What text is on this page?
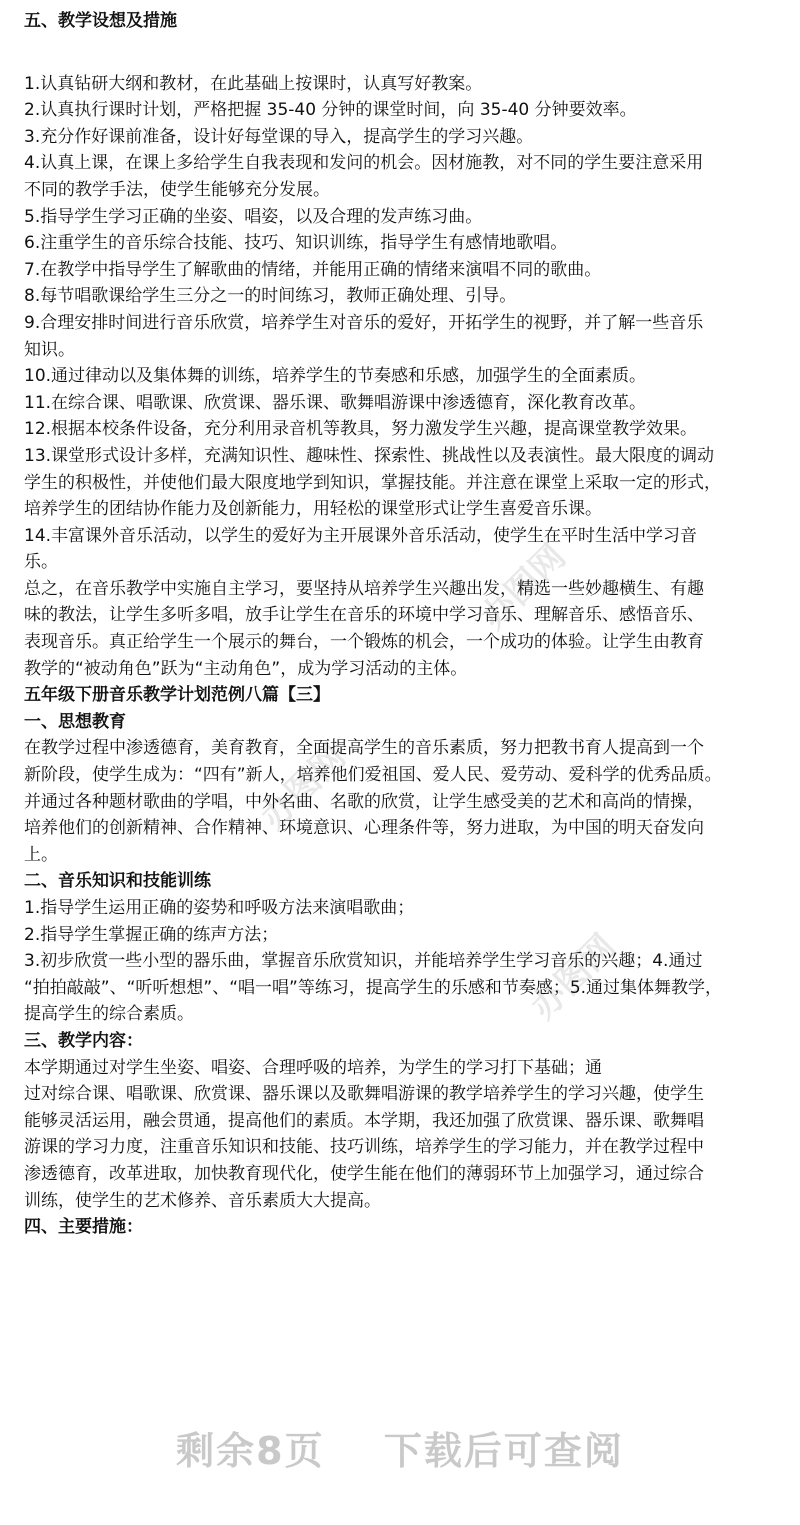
办图网
办图网
办图网
五、教学设想及措施
1.认真钻研大纲和教材，在此基础上按课时，认真写好教案。
2.认真执行课时计划，严格把握 35-40 分钟的课堂时间，向 35-40 分钟要效率。
3.充分作好课前准备，设计好每堂课的导入，提高学生的学习兴趣。
4.认真上课，在课上多给学生自我表现和发问的机会。因材施教，对不同的学生要注意采用
不同的教学手法，使学生能够充分发展。
5.指导学生学习正确的坐姿、唱姿，以及合理的发声练习曲。
6.注重学生的音乐综合技能、技巧、知识训练，指导学生有感情地歌唱。
7.在教学中指导学生了解歌曲的情绪，并能用正确的情绪来演唱不同的歌曲。
8.每节唱歌课给学生三分之一的时间练习，教师正确处理、引导。
9.合理安排时间进行音乐欣赏，培养学生对音乐的爱好，开拓学生的视野，并了解一些音乐
知识。
10.通过律动以及集体舞的训练，培养学生的节奏感和乐感，加强学生的全面素质。
11.在综合课、唱歌课、欣赏课、器乐课、歌舞唱游课中渗透德育，深化教育改革。
12.根据本校条件设备，充分利用录音机等教具，努力激发学生兴趣，提高课堂教学效果。
13.课堂形式设计多样，充满知识性、趣味性、探索性、挑战性以及表演性。最大限度的调动
学生的积极性，并使他们最大限度地学到知识，掌握技能。并注意在课堂上采取一定的形式，
培养学生的团结协作能力及创新能力，用轻松的课堂形式让学生喜爱音乐课。
14.丰富课外音乐活动，以学生的爱好为主开展课外音乐活动，使学生在平时生活中学习音
乐。
总之，在音乐教学中实施自主学习，要坚持从培养学生兴趣出发，精选一些妙趣横生、有趣
味的教法，让学生多听多唱，放手让学生在音乐的环境中学习音乐、理解音乐、感悟音乐、
表现音乐。真正给学生一个展示的舞台，一个锻炼的机会，一个成功的体验。让学生由教育
教学的“被动角色”跃为“主动角色”，成为学习活动的主体。
五年级下册音乐教学计划范例八篇【三】
一、思想教育
在教学过程中渗透德育，美育教育，全面提高学生的音乐素质，努力把教书育人提高到一个
新阶段，使学生成为：“四有”新人，培养他们爱祖国、爱人民、爱劳动、爱科学的优秀品质。
并通过各种题材歌曲的学唱，中外名曲、名歌的欣赏，让学生感受美的艺术和高尚的情操，
培养他们的创新精神、合作精神、环境意识、心理条件等，努力进取，为中国的明天奋发向
上。
二、音乐知识和技能训练
1.指导学生运用正确的姿势和呼吸方法来演唱歌曲；
2.指导学生掌握正确的练声方法；
3.初步欣赏一些小型的器乐曲，掌握音乐欣赏知识，并能培养学生学习音乐的兴趣；4.通过
“拍拍敲敲”、“听听想想”、“唱一唱”等练习，提高学生的乐感和节奏感；5.通过集体舞教学，
提高学生的综合素质。
三、教学内容：
本学期通过对学生坐姿、唱姿、合理呼吸的培养，为学生的学习打下基础；通
过对综合课、唱歌课、欣赏课、器乐课以及歌舞唱游课的教学培养学生的学习兴趣，使学生
能够灵活运用，融会贯通，提高他们的素质。本学期，我还加强了欣赏课、器乐课、歌舞唱
游课的学习力度，注重音乐知识和技能、技巧训练，培养学生的学习能力，并在教学过程中
渗透德育，改革进取，加快教育现代化，使学生能在他们的薄弱环节上加强学习，通过综合
训练，使学生的艺术修养、音乐素质大大提高。
四、主要措施：
剩余8页 下载后可查阅
